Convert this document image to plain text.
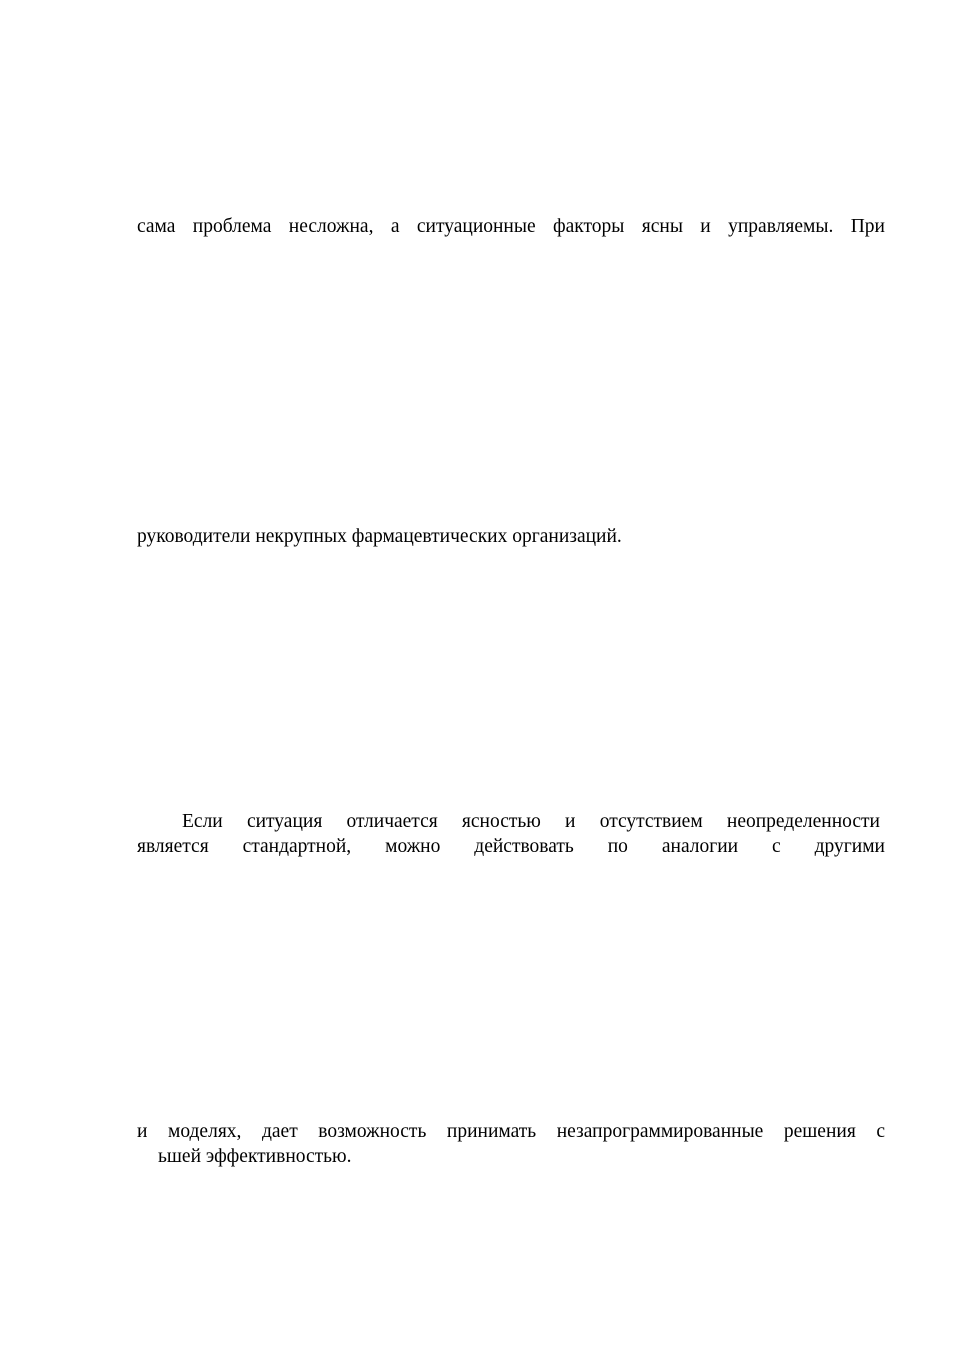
сама проблема несложна, а ситуационные факторы ясны и управляемы. При
руководители некрупных фармацевтических организаций.
Если ситуация отличается ясностью и отсутствием неопределенности
является стандартной, можно действовать по аналогии с другими
и моделях, дает возможность принимать незапрограммированные решения с
ьшей эффективностью.
